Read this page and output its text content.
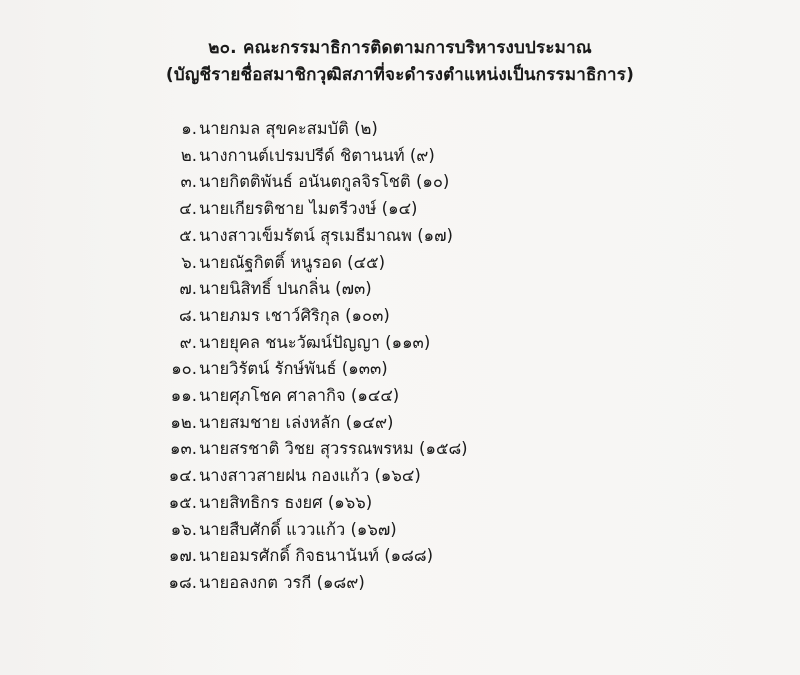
๒๐. คณะกรรมาธิการติดตามการบริหารงบประมาณ
(บัญชีรายชื่อสมาชิกวุฒิสภาที่จะดำรงตำแหน่งเป็นกรรมาธิการ)
๑. นายกมล สุขคะสมบัติ (๒)
๒. นางกานต์เปรมปรีด์ ชิตานนท์ (๙)
๓. นายกิตติพันธ์ อนันตกูลจิรโชติ (๑๐)
๔. นายเกียรติชาย ไมตรีวงษ์ (๑๔)
๕. นางสาวเข็มรัตน์ สุรเมธีมาณพ (๑๗)
๖. นายณัฐกิตติ์ หนูรอด (๔๕)
๗. นายนิสิทธิ์ ปนกลิ่น (๗๓)
๘. นายภมร เชาว์ศิริกุล (๑๐๓)
๙. นายยุคล ชนะวัฒน์ปัญญา (๑๑๓)
๑๐. นายวิรัตน์ รักษ์พันธ์ (๑๓๓)
๑๑. นายศุภโชค ศาลากิจ (๑๔๔)
๑๒. นายสมชาย เล่งหลัก (๑๔๙)
๑๓. นายสรชาติ วิชย สุวรรณพรหม (๑๕๘)
๑๔. นางสาวสายฝน กองแก้ว (๑๖๔)
๑๕. นายสิทธิกร ธงยศ (๑๖๖)
๑๖. นายสืบศักดิ์ แววแก้ว (๑๖๗)
๑๗. นายอมรศักดิ์ กิจธนานันท์ (๑๘๘)
๑๘. นายอลงกต วรกี (๑๘๙)
